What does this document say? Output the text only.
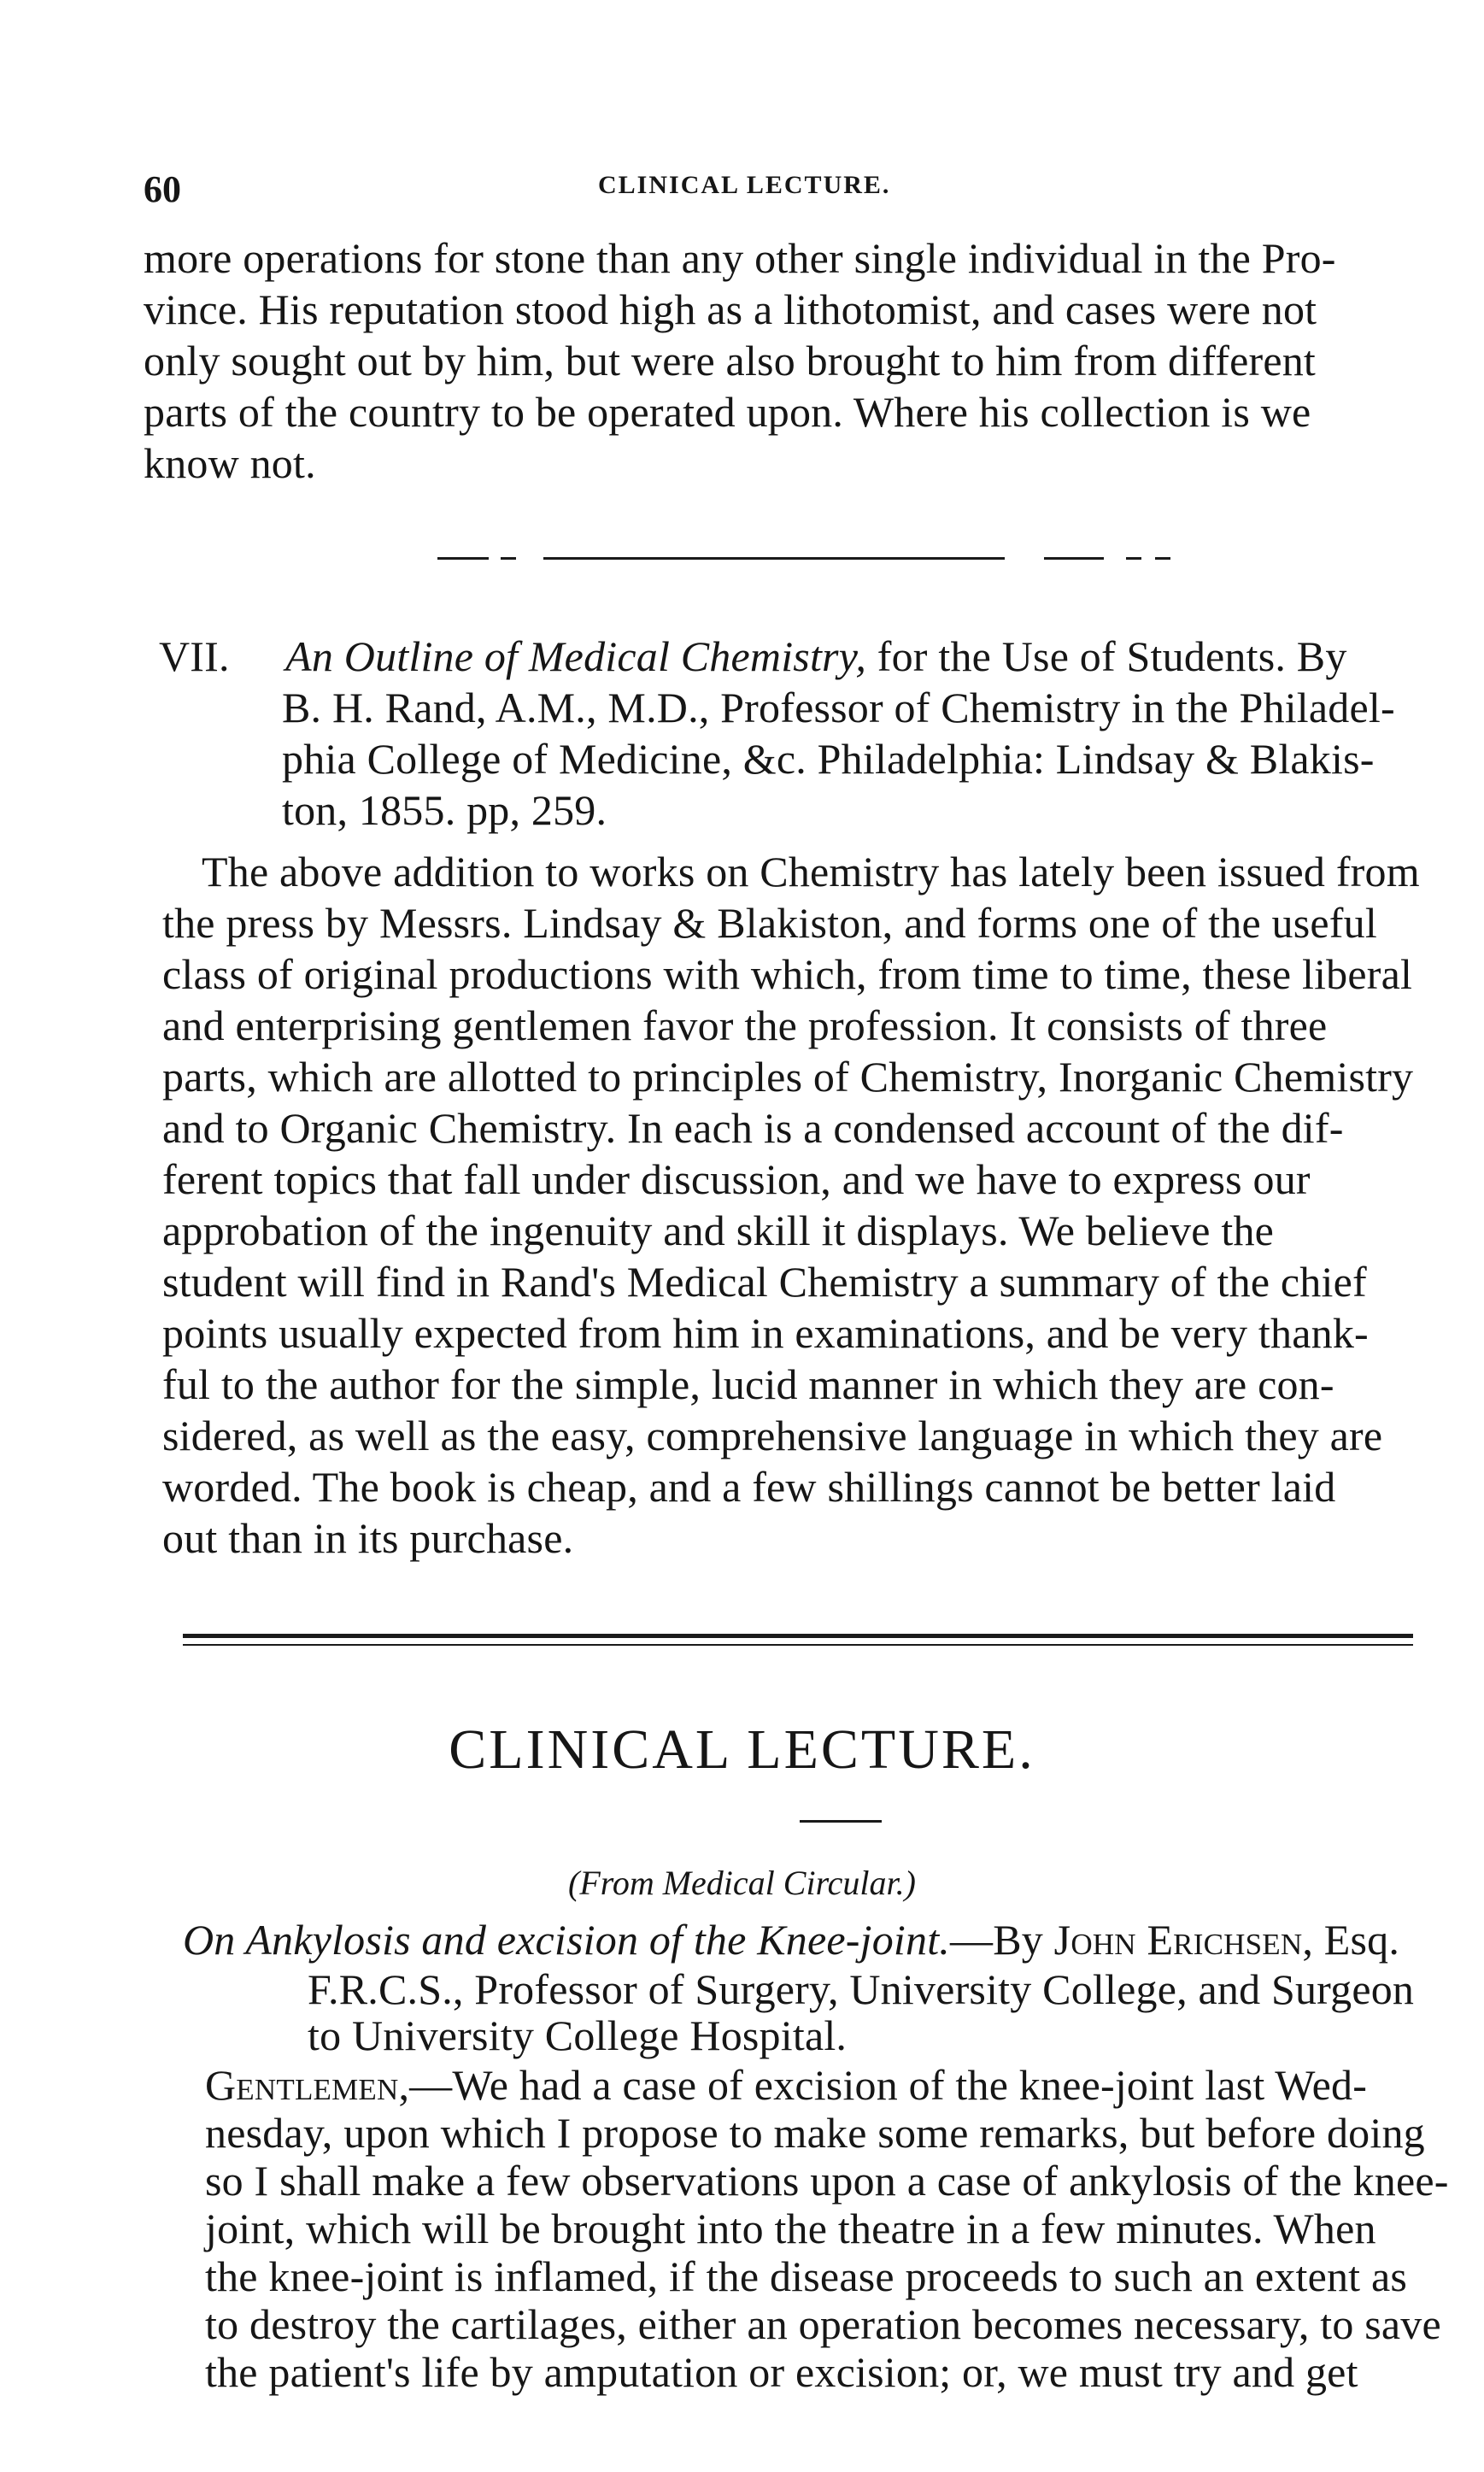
60	CLINICAL LECTURE.
more operations for stone than any other single individual in the Pro-
vince. His reputation stood high as a lithotomist, and cases were not
only sought out by him, but were also brought to him from different
parts of the country to be operated upon. Where his collection is we
know not.
VII. An Outline of Medical Chemistry, for the Use of Students. By
B. H. Rand, A.M., M.D., Professor of Chemistry in the Philadel-
phia College of Medicine, &c. Philadelphia: Lindsay & Blakis-
ton, 1855. pp, 259.
The above addition to works on Chemistry has lately been issued from
the press by Messrs. Lindsay & Blakiston, and forms one of the useful
class of original productions with which, from time to time, these liberal
and enterprising gentlemen favor the profession. It consists of three
parts, which are allotted to principles of Chemistry, Inorganic Chemistry
and to Organic Chemistry. In each is a condensed account of the dif-
ferent topics that fall under discussion, and we have to express our
approbation of the ingenuity and skill it displays. We believe the
student will find in Rand's Medical Chemistry a summary of the chief
points usually expected from him in examinations, and be very thank-
ful to the author for the simple, lucid manner in which they are con-
sidered, as well as the easy, comprehensive language in which they are
worded. The book is cheap, and a few shillings cannot be better laid
out than in its purchase.
CLINICAL LECTURE.
(From Medical Circular.)
On Ankylosis and excision of the Knee-joint.—By John Erichsen, Esq.
F.R.C.S., Professor of Surgery, University College, and Surgeon
to University College Hospital.
Gentlemen,—We had a case of excision of the knee-joint last Wed-
nesday, upon which I propose to make some remarks, but before doing
so I shall make a few observations upon a case of ankylosis of the knee-
joint, which will be brought into the theatre in a few minutes. When
the knee-joint is inflamed, if the disease proceeds to such an extent as
to destroy the cartilages, either an operation becomes necessary, to save
the patient's life by amputation or excision; or, we must try and get
